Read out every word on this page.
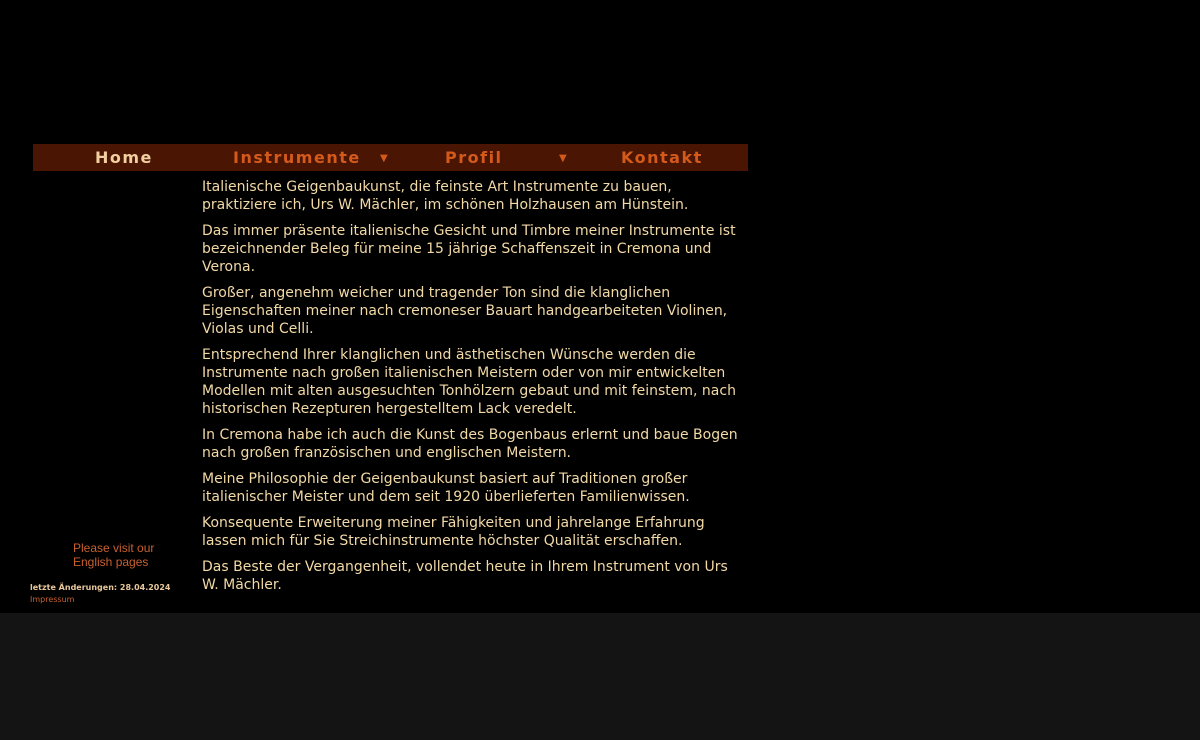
Home	Instrumente ▼	Profil	▼	Kontakt

Italienische Geigenbaukunst, die feinste Art Instrumente zu bauen, praktiziere ich, Urs W. Mächler, im schönen Holzhausen am Hünstein.

Das immer präsente italienische Gesicht und Timbre meiner Instrumente ist bezeichnender Beleg für meine 15 jährige Schaffenszeit in Cremona und Verona.

Großer, angenehm weicher und tragender Ton sind die klanglichen Eigenschaften meiner nach cremoneser Bauart handgearbeiteten Violinen, Violas und Celli.

Entsprechend Ihrer klanglichen und ästhetischen Wünsche werden die Instrumente nach großen italienischen Meistern oder von mir entwickelten Modellen mit alten ausgesuchten Tonhölzern gebaut und mit feinstem, nach historischen Rezepturen hergestelltem Lack veredelt.

In Cremona habe ich auch die Kunst des Bogenbaus erlernt und baue Bogen nach großen französischen und englischen Meistern.

Meine Philosophie der Geigenbaukunst basiert auf Traditionen großer italienischer Meister und dem seit 1920 überlieferten Familienwissen.

Konsequente Erweiterung meiner Fähigkeiten und jahrelange Erfahrung lassen mich für Sie Streichinstrumente höchster Qualität erschaffen.

Das Beste der Vergangenheit, vollendet heute in Ihrem Instrument von Urs W. Mächler.

Please visit our
English pages
letzte Änderungen: 28.04.2024
Impressum
